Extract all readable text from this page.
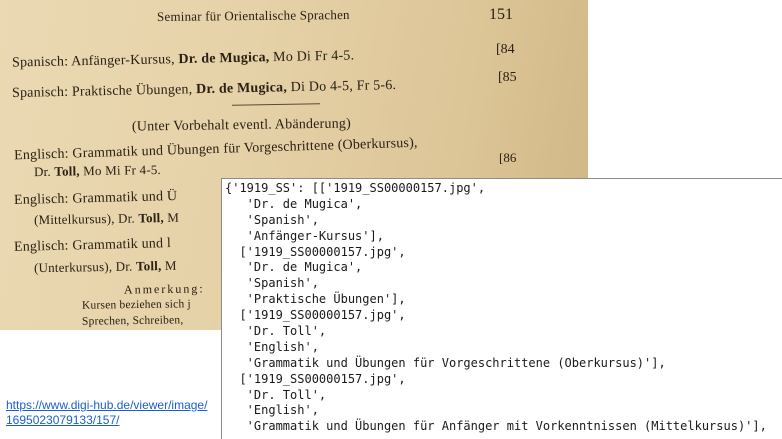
Seminar für Orientalische Sprachen	151
Spanisch: Anfänger-Kursus, Dr. de Mugica, Mo Di Fr 4-5.	[84
Spanisch: Praktische Übungen, Dr. de Mugica, Di Do 4-5, Fr 5-6.
[85
(Unter Vorbehalt eventl. Abänderung)
Englisch: Grammatik und Übungen für Vorgeschrittene (Oberkursus),
Dr. Toll, Mo Mi Fr 4-5.
[86
Englisch: Grammatik und Ü
(Mittelkursus), Dr. Toll, M
Englisch: Grammatik und l
(Unterkursus), Dr. Toll, M
Anmerkung:
Kursen beziehen sich j
Sprechen, Schreiben,
https://www.digi-hub.de/viewer/image/1695023079133/157/
{'1919_SS': [['1919_SS00000157.jpg',
'Dr. de Mugica',
'Spanish',
'Anfänger-Kursus'],
['1919_SS00000157.jpg',
'Dr. de Mugica',
'Spanish',
'Praktische Übungen'],
['1919_SS00000157.jpg',
'Dr. Toll',
'English',
'Grammatik und Übungen für Vorgeschrittene (Oberkursus)'],
['1919_SS00000157.jpg',
'Dr. Toll',
'English',
'Grammatik und Übungen für Anfänger mit Vorkenntnissen (Mittelkursus)'],
